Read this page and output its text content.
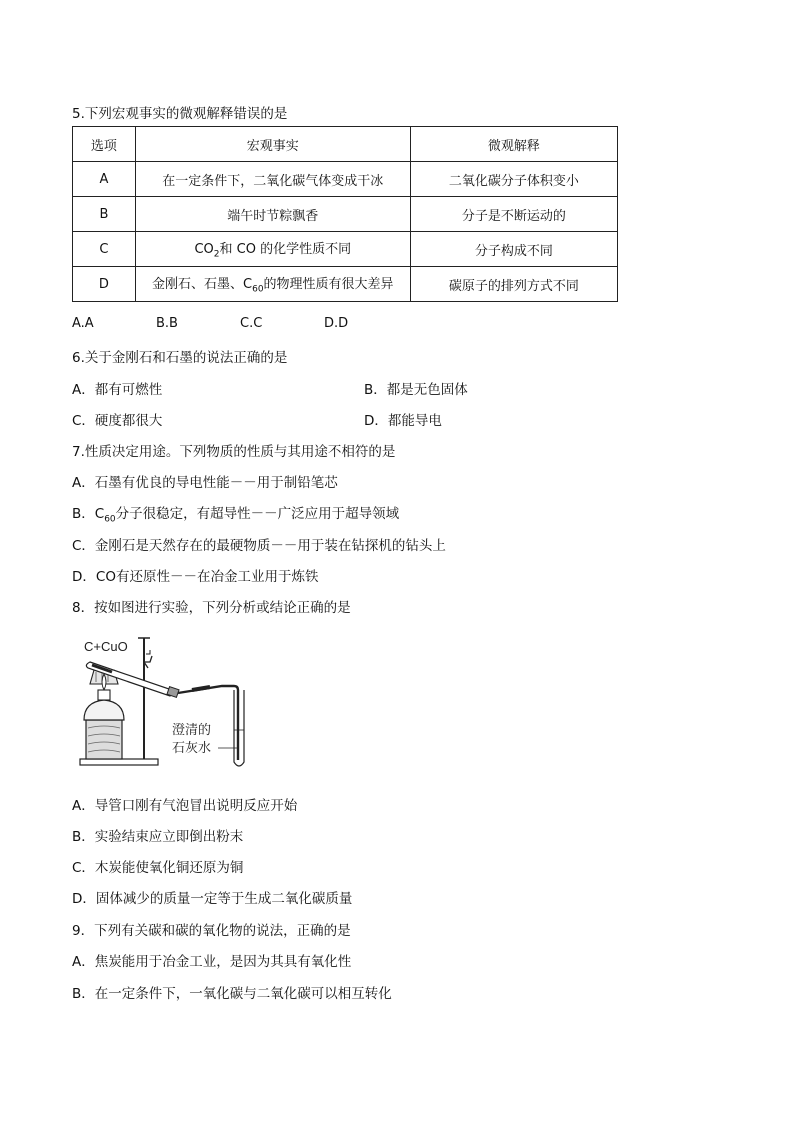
5.下列宏观事实的微观解释错误的是
选项	宏观事实	微观解释
A	在一定条件下，二氧化碳气体变成干冰	二氧化碳分子体积变小
B	端午时节粽飘香	分子是不断运动的
C	$CO_2$和 CO 的化学性质不同	分子构成不同
D	金刚石、石墨、$C_{60}$的物理性质有很大差异	碳原子的排列方式不同
A.A	B.B	C.C	D.D
6.关于金刚石和石墨的说法正确的是
A．都有可燃性	B．都是无色固体
C．硬度都很大	D．都能导电
7.性质决定用途。下列物质的性质与其用途不相符的是
A．石墨有优良的导电性能－－用于制铅笔芯
B．$C_{60}$分子很稳定，有超导性－－广泛应用于超导领域
C．金刚石是天然存在的最硬物质－－用于装在钻探机的钻头上
D．CO有还原性－－在冶金工业用于炼铁
8．按如图进行实验，下列分析或结论正确的是
C+CuO
澄清的
石灰水
A．导管口刚有气泡冒出说明反应开始
B．实验结束应立即倒出粉末
C．木炭能使氧化铜还原为铜
D．固体减少的质量一定等于生成二氧化碳质量
9．下列有关碳和碳的氧化物的说法，正确的是
A．焦炭能用于冶金工业，是因为其具有氧化性
B．在一定条件下，一氧化碳与二氧化碳可以相互转化
